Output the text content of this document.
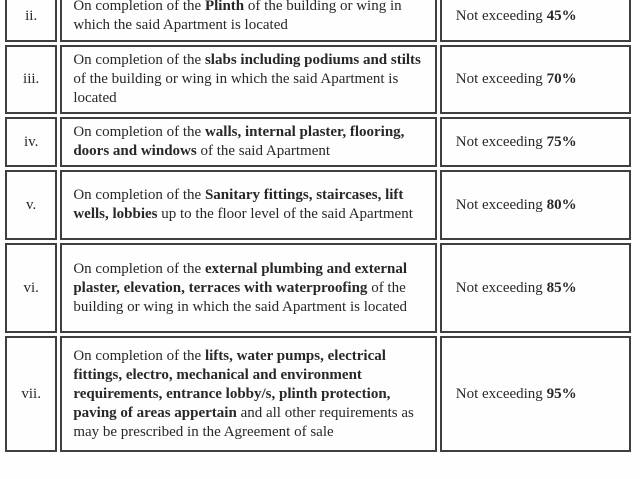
ii.	On completion of the Plinth of the building or wing in which the said Apartment is located	Not exceeding 45%
iii.	On completion of the slabs including podiums and stilts of the building or wing in which the said Apartment is located	Not exceeding 70%
iv.	On completion of the walls, internal plaster, flooring, doors and windows of the said Apartment	Not exceeding 75%
v.	On completion of the Sanitary fittings, staircases, lift wells, lobbies up to the floor level of the said Apartment	Not exceeding 80%
vi.	On completion of the external plumbing and external plaster, elevation, terraces with waterproofing of the building or wing in which the said Apartment is located	Not exceeding 85%
vii.	On completion of the lifts, water pumps, electrical fittings, electro, mechanical and environment requirements, entrance lobby/s, plinth protection, paving of areas appertain and all other requirements as may be prescribed in the Agreement of sale	Not exceeding 95%
